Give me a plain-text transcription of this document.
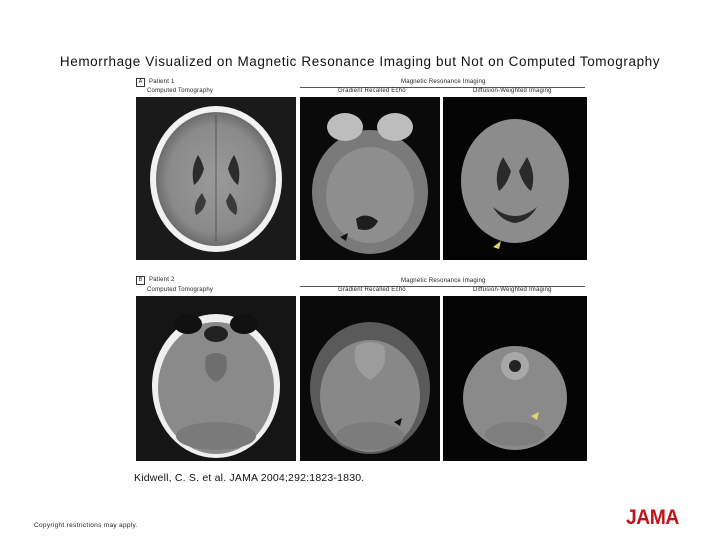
Hemorrhage Visualized on Magnetic Resonance Imaging but Not on Computed Tomography
A Patient 1	Magnetic Resonance Imaging
Computed Tomography	Gradient Recalled Echo	Diffusion-Weighted Imaging
B Patient 2	Magnetic Resonance Imaging
Computed Tomography	Gradient Recalled Echo	Diffusion-Weighted Imaging
Kidwell, C. S. et al. JAMA 2004;292:1823-1830.
Copyright restrictions may apply.	JAMA
